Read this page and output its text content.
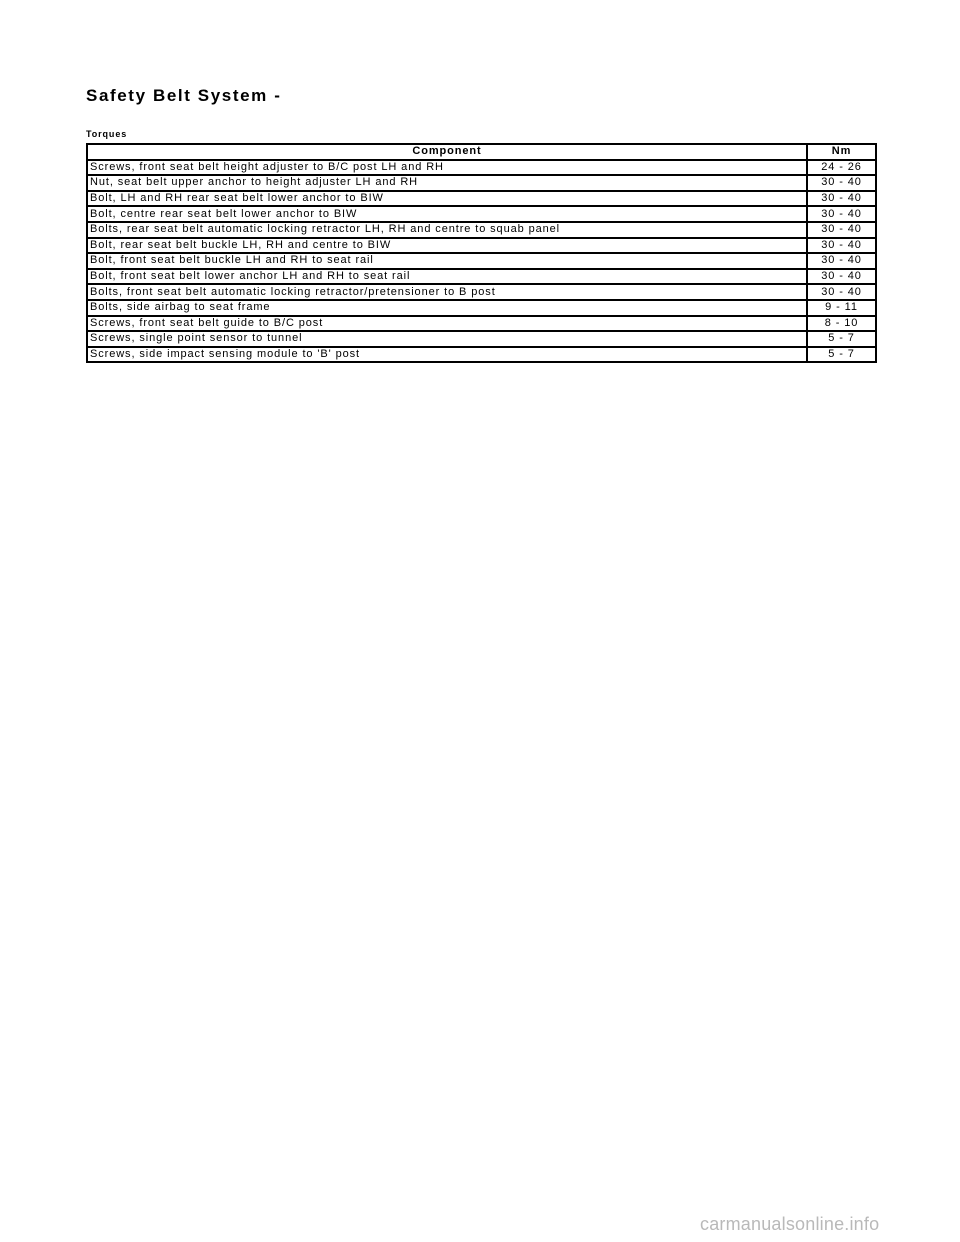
Safety Belt System -
Torques
Component	Nm
Screws, front seat belt height adjuster to B/C post LH and RH	24 - 26
Nut, seat belt upper anchor to height adjuster LH and RH	30 - 40
Bolt, LH and RH rear seat belt lower anchor to BIW	30 - 40
Bolt, centre rear seat belt lower anchor to BIW	30 - 40
Bolts, rear seat belt automatic locking retractor LH, RH and centre to squab panel	30 - 40
Bolt, rear seat belt buckle LH, RH and centre to BIW	30 - 40
Bolt, front seat belt buckle LH and RH to seat rail	30 - 40
Bolt, front seat belt lower anchor LH and RH to seat rail	30 - 40
Bolts, front seat belt automatic locking retractor/pretensioner to B post	30 - 40
Bolts, side airbag to seat frame	9 - 11
Screws, front seat belt guide to B/C post	8 - 10
Screws, single point sensor to tunnel	5 - 7
Screws, side impact sensing module to 'B' post	5 - 7
carmanualsonline.info
